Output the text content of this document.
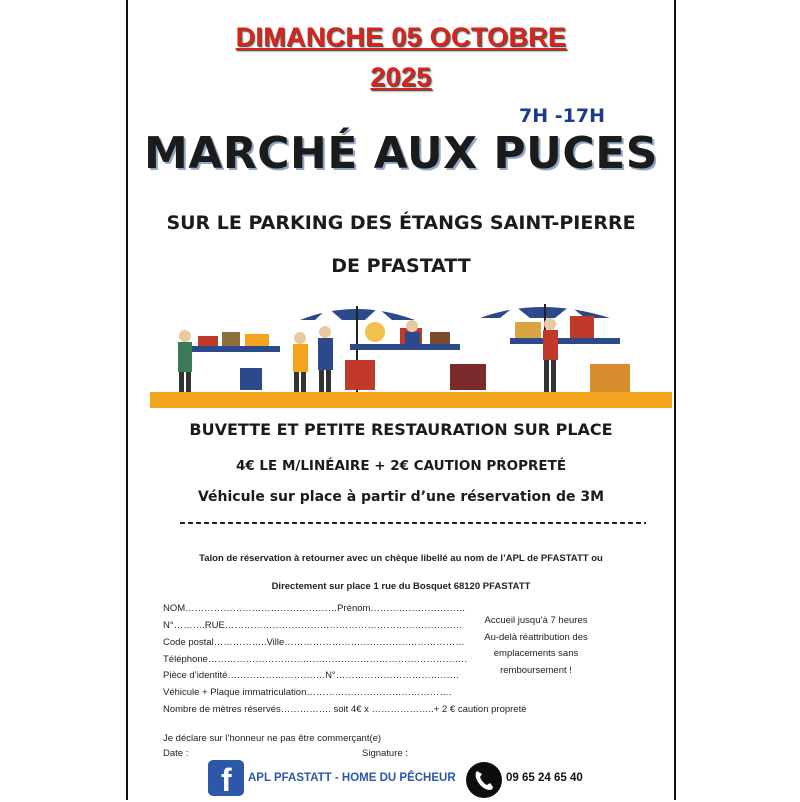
DIMANCHE 05 OCTOBRE
2025
7H -17H
MARCHÉ AUX PUCES
SUR LE PARKING DES ÉTANGS SAINT-PIERRE
DE PFASTATT
BUVETTE ET PETITE RESTAURATION SUR PLACE
4€ LE M/LINÉAIRE + 2€ CAUTION PROPRETÉ
Véhicule sur place à partir d’une réservation de 3M
Talon de réservation à retourner avec un chèque libellé au nom de l’APL de PFASTATT ou
Directement sur place 1 rue du Bosquet 68120 PFASTATT
NOM…………………………………………Prénom…………………………
N°……….RUE…………………………………………………………………
Code postal……………..Ville…………………………………………………
Téléphone……………………………………………………………………….
Pièce d’identité………………………….N°…………………………………
Véhicule + Plaque immatriculation……………………………………….
Nombre de mètres réservés……………. soit 4€ x ………………..+ 2 € caution propreté
Accueil jusqu’à 7 heures
Au-delà réattribution des
emplacements sans
remboursement !
Je déclare sur l’honneur ne pas être commerçant(e)
Date :	Signature :
f APL PFASTATT - HOME DU PÊCHEUR	09 65 24 65 40
